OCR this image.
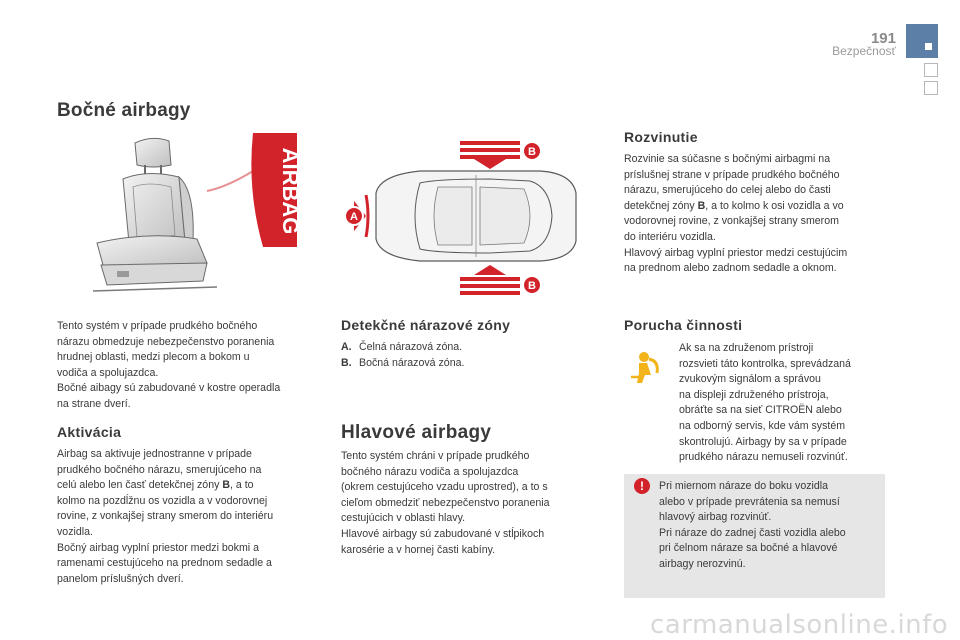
191
Bezpečnosť
Bočné airbagy
AIRBAG	A
B
B

Tento systém v prípade prudkého bočného

nárazu obmedzuje nebezpečenstvo poranenia

hrudnej oblasti, medzi plecom a bokom u

vodiča a spolujazdca.

Bočné aibagy sú zabudované v kostre operadla

na strane dverí.

Aktivácia

Airbag sa aktivuje jednostranne v prípade

prudkého bočného nárazu, smerujúceho na

celú alebo len časť detekčnej zóny B, a to

kolmo na pozdĺžnu os vozidla a v vodorovnej

rovine, z vonkajšej strany smerom do interiéru

vozidla.

Bočný airbag vyplní priestor medzi bokmi a

ramenami cestujúceho na prednom sedadle a

panelom príslušných dverí.

Detekčné nárazové zóny
A. Čelná nárazová zóna.
B. Bočná nárazová zóna.
Hlavové airbagy

Tento systém chráni v prípade prudkého

bočného nárazu vodiča a spolujazdca

(okrem cestujúceho vzadu uprostred), a to s

cieľom obmedziť nebezpečenstvo poranenia

cestujúcich v oblasti hlavy.

Hlavové airbagy sú zabudované v stĺpikoch

karosérie a v hornej časti kabíny.

Rozvinutie

Rozvinie sa súčasne s bočnými airbagmi na

príslušnej strane v prípade prudkého bočného

nárazu, smerujúceho do celej alebo do časti

detekčnej zóny B, a to kolmo k osi vozidla a vo

vodorovnej rovine, z vonkajšej strany smerom

do interiéru vozidla.

Hlavový airbag vyplní priestor medzi cestujúcim

na prednom alebo zadnom sedadle a oknom.

Porucha činnosti

Ak sa na združenom prístroji

rozsvieti táto kontrolka, sprevádzaná

zvukovým signálom a správou

na displeji združeného prístroja,

obráťte sa na sieť CITROËN alebo

na odborný servis, kde vám systém

skontrolujú. Airbagy by sa v prípade

prudkého nárazu nemuseli rozvinúť.

!	Pri miernom náraze do boku vozidla

alebo v prípade prevrátenia sa nemusí

hlavový airbag rozvinúť.

Pri náraze do zadnej časti vozidla alebo

pri čelnom náraze sa bočné a hlavové

airbagy nerozvinú.

carmanualsonline.info
